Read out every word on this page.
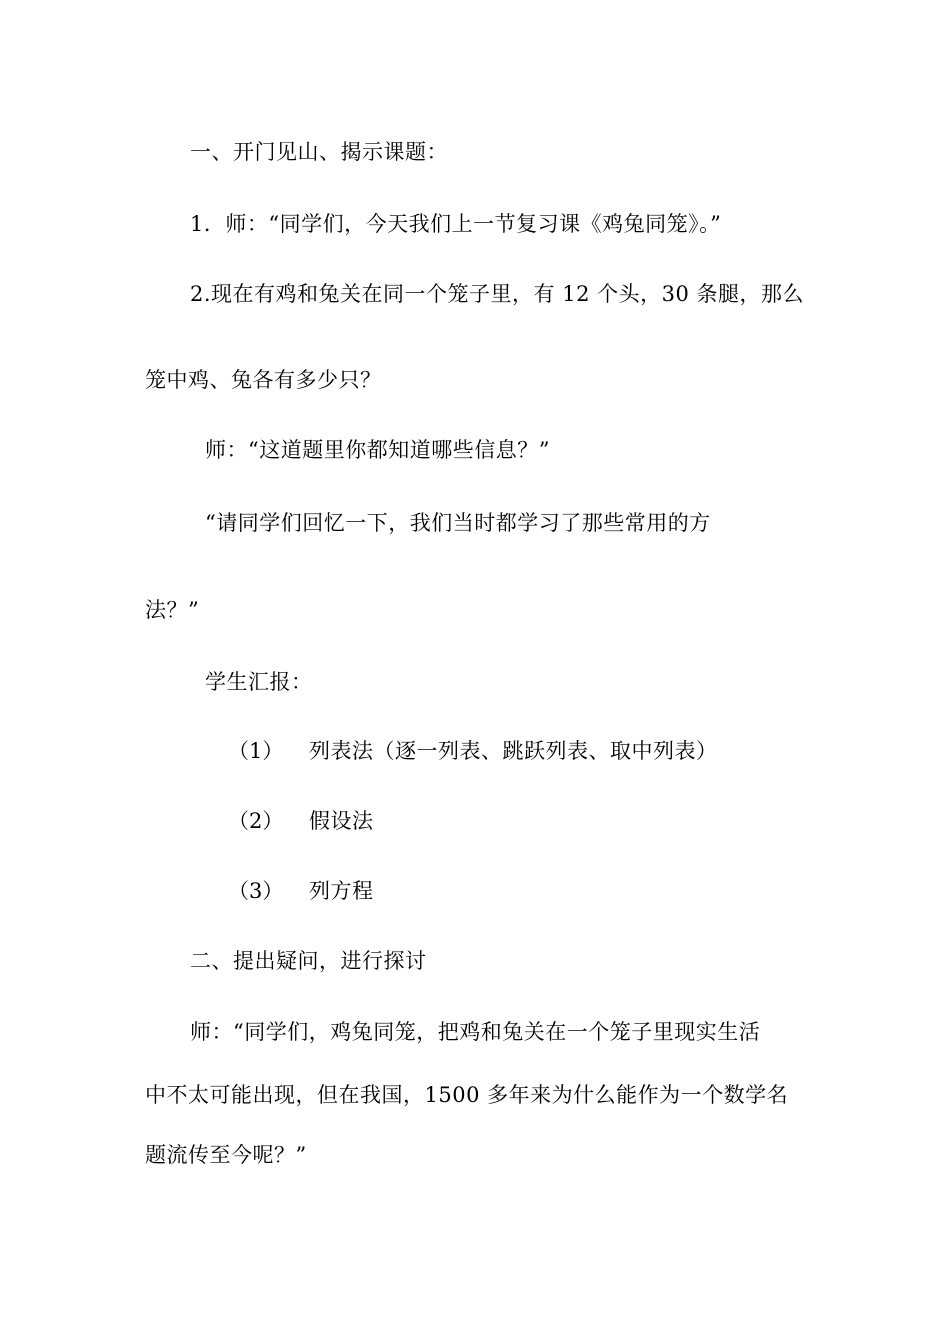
一、开门见山、揭示课题：
1．师：“同学们，今天我们上一节复习课《鸡兔同笼》。”
2.现在有鸡和兔关在同一个笼子里，有 12 个头，30 条腿，那么
笼中鸡、兔各有多少只？
师：“这道题里你都知道哪些信息？”
“请同学们回忆一下，我们当时都学习了那些常用的方
法？”
学生汇报：
（1） 列表法（逐一列表、跳跃列表、取中列表）
（2） 假设法
（3） 列方程
二、提出疑问，进行探讨
师：“同学们，鸡兔同笼，把鸡和兔关在一个笼子里现实生活
中不太可能出现，但在我国，1500 多年来为什么能作为一个数学名
题流传至今呢？”
